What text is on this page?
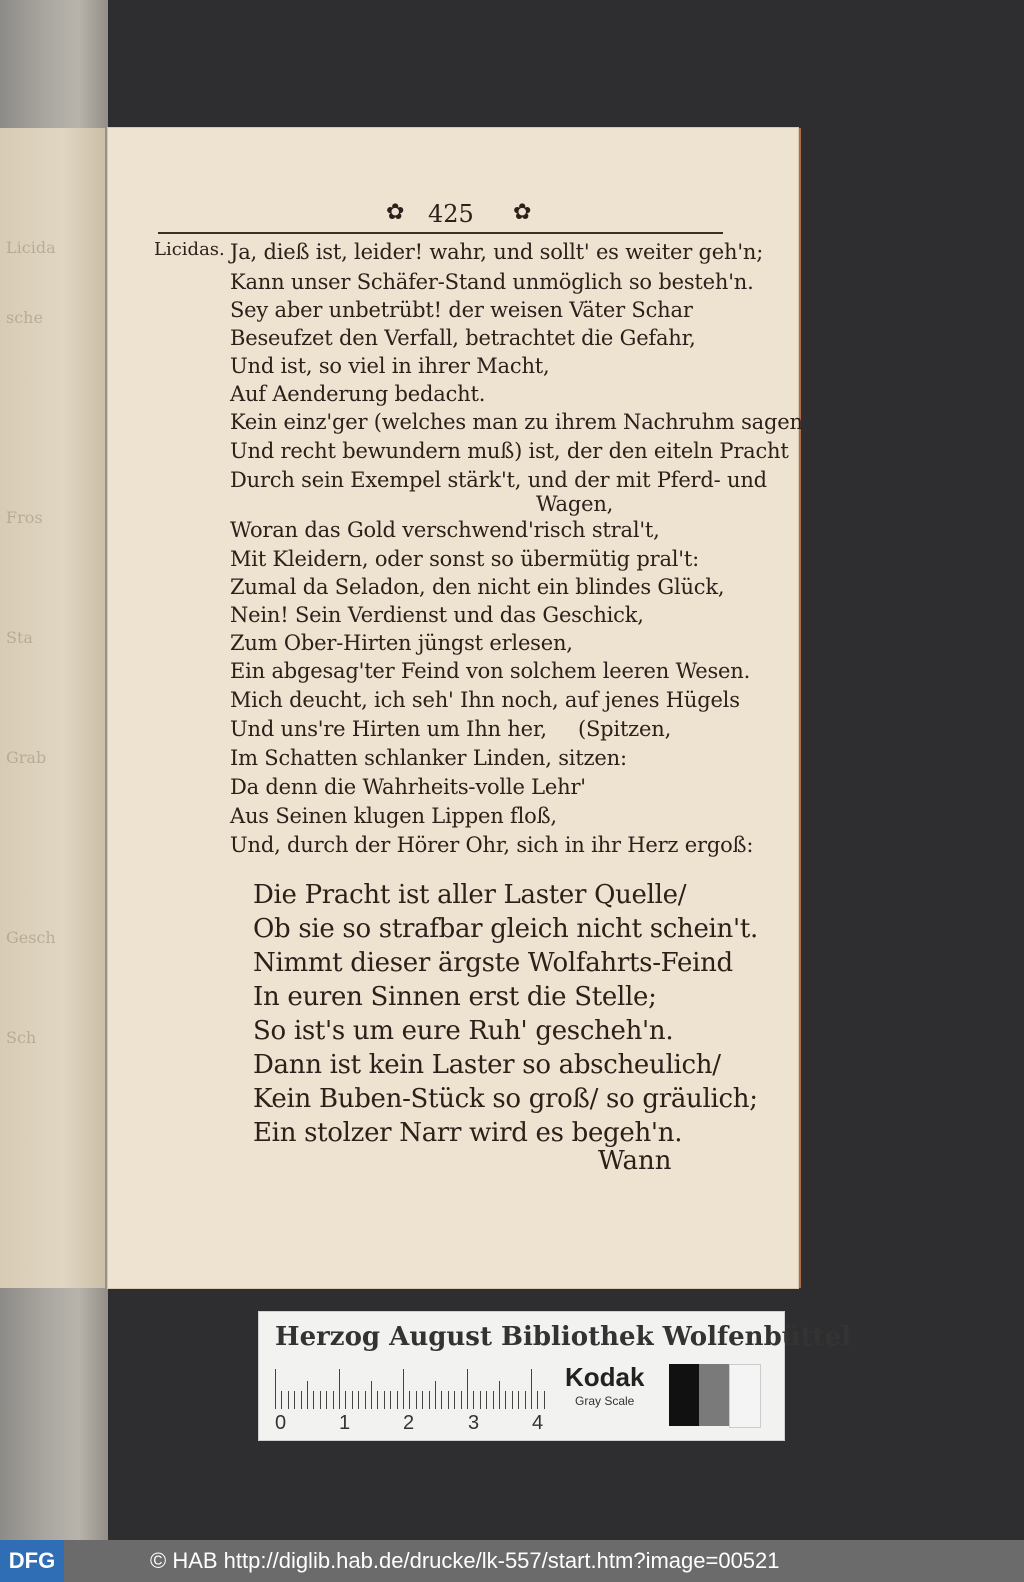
Licida
sche
Fros
Sta
Grab
Gesch
Sch
✿ 425 ✿
Licidas. Ja, dieß ist, leider! wahr, und sollt' es weiter geh'n;
Kann unser Schäfer-Stand unmöglich so besteh'n.
Sey aber unbetrübt! der weisen Väter Schar
Beseufzet den Verfall, betrachtet die Gefahr,
Und ist, so viel in ihrer Macht,
Auf Aenderung bedacht.
Kein einz'ger (welches man zu ihrem Nachruhm sagen
Und recht bewundern muß) ist, der den eiteln Pracht
Durch sein Exempel stärk't, und der mit Pferd- und
Wagen,
Woran das Gold verschwend'risch stral't,
Mit Kleidern, oder sonst so übermütig pral't:
Zumal da Seladon, den nicht ein blindes Glück,
Nein! Sein Verdienst und das Geschick,
Zum Ober-Hirten jüngst erlesen,
Ein abgesag'ter Feind von solchem leeren Wesen.
Mich deucht, ich seh' Ihn noch, auf jenes Hügels
Und uns're Hirten um Ihn her, (Spitzen,
Im Schatten schlanker Linden, sitzen:
Da denn die Wahrheits-volle Lehr'
Aus Seinen klugen Lippen floß,
Und, durch der Hörer Ohr, sich in ihr Herz ergoß:
Die Pracht ist aller Laster Quelle/
Ob sie so strafbar gleich nicht schein't.
Nimmt dieser ärgste Wolfahrts-Feind
In euren Sinnen erst die Stelle;
So ist's um eure Ruh' gescheh'n.
Dann ist kein Laster so abscheulich/
Kein Buben-Stück so groß/ so gräulich;
Ein stolzer Narr wird es begeh'n.
Wann
Herzog August Bibliothek Wolfenbüttel
0	1	2	3	4
Kodak
Gray Scale
DFG	© HAB http://diglib.hab.de/drucke/lk-557/start.htm?image=00521
